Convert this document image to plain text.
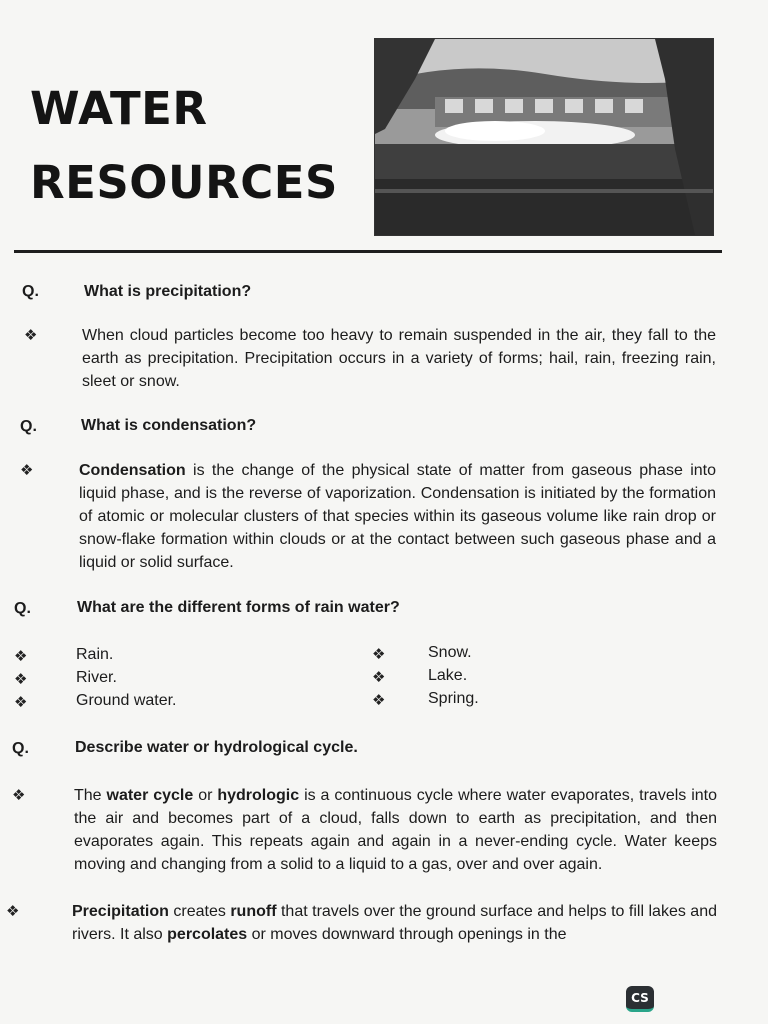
WATER
RESOURCES
Q.	What is precipitation?
❖	When cloud particles become too heavy to remain suspended in the air, they fall to the earth as precipitation. Precipitation occurs in a variety of forms; hail, rain, freezing rain, sleet or snow.
Q.	What is condensation?
❖	Condensation is the change of the physical state of matter from gaseous phase into liquid phase, and is the reverse of vaporization. Condensation is initiated by the formation of atomic or molecular clusters of that species within its gaseous volume like rain drop or snow-flake formation within clouds or at the contact between such gaseous phase and a liquid or solid surface.
Q.	What are the different forms of rain water?
❖	Rain.
❖	River.
❖	Ground water.
❖	Snow.
❖	Lake.
❖	Spring.
Q.	Describe water or hydrological cycle.
❖	The water cycle or hydrologic is a continuous cycle where water evaporates, travels into the air and becomes part of a cloud, falls down to earth as precipitation, and then evaporates again. This repeats again and again in a never-ending cycle. Water keeps moving and changing from a solid to a liquid to a gas, over and over again.
❖	Precipitation creates runoff that travels over the ground surface and helps to fill lakes and rivers. It also percolates or moves downward through openings in the
CS
